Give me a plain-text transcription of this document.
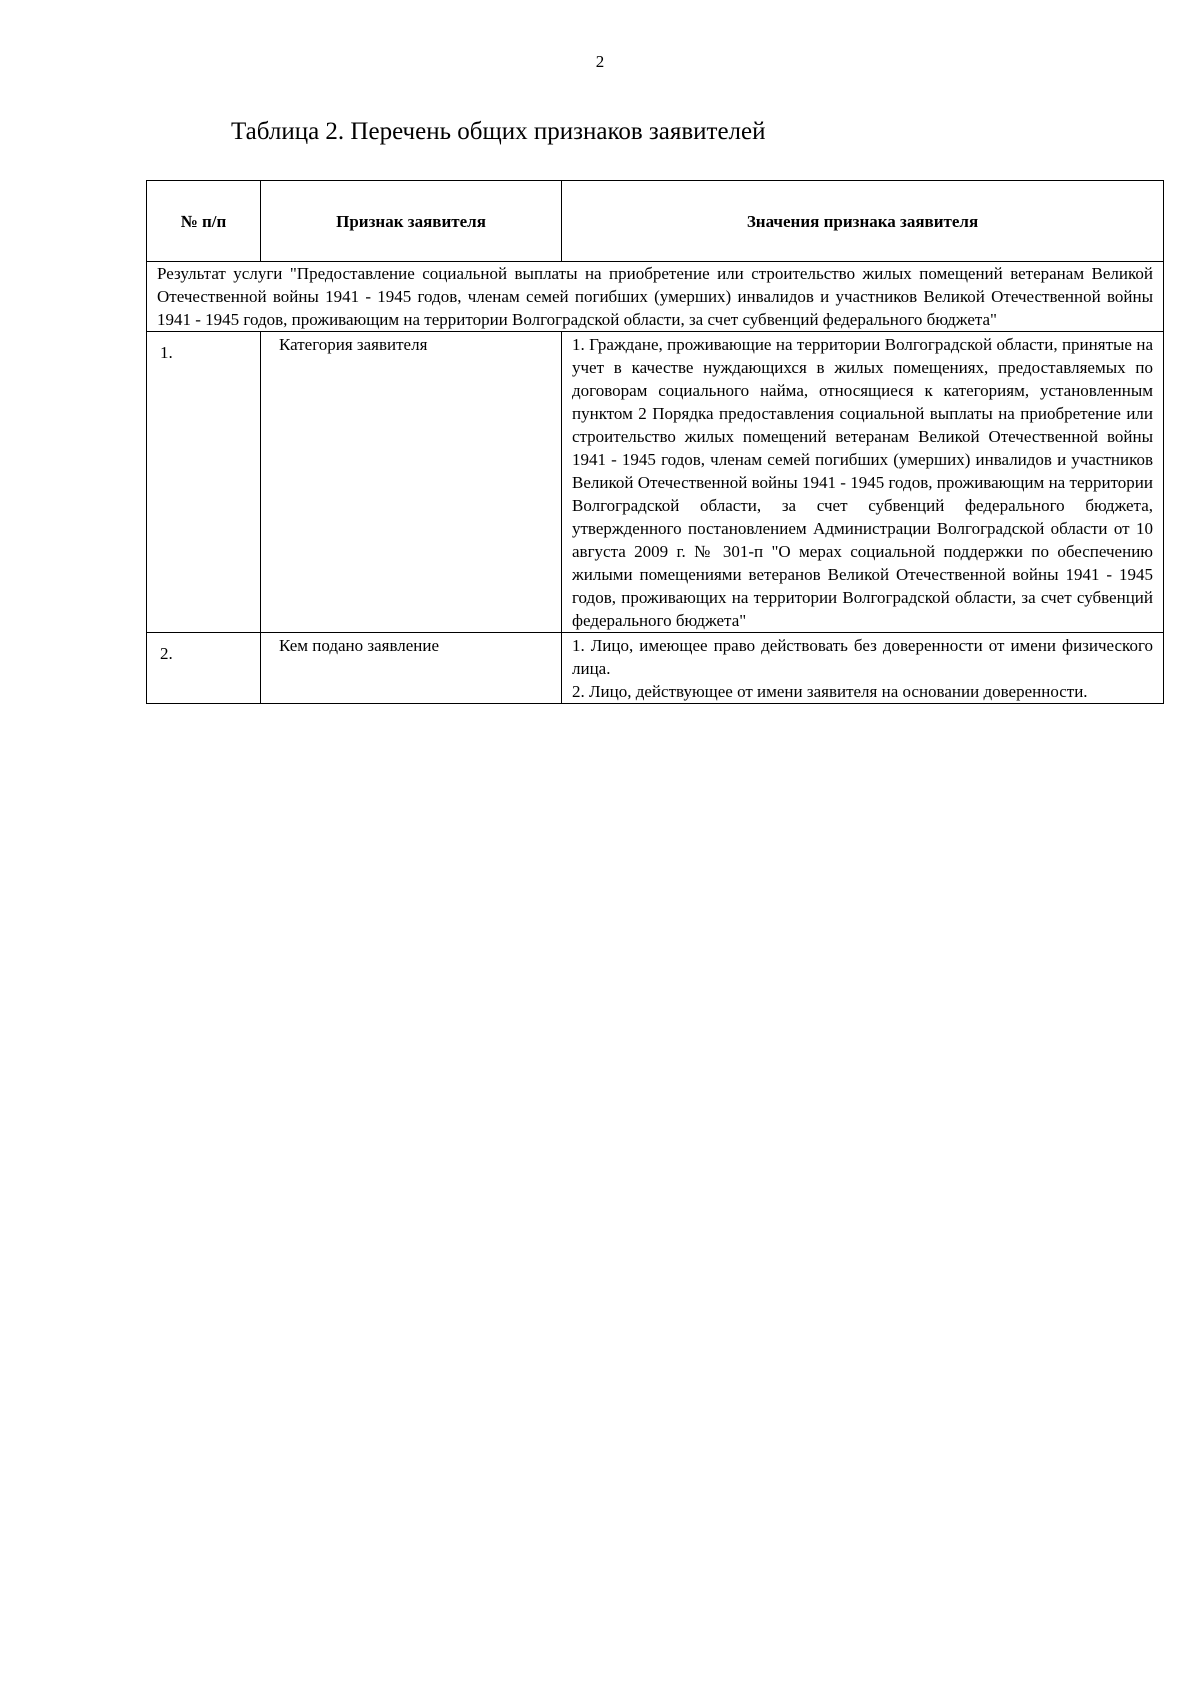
2
Таблица 2. Перечень общих признаков заявителей
№ п/п	Признак заявителя	Значения признака заявителя
Результат услуги "Предоставление социальной выплаты на приобретение или строительство жилых помещений ветеранам Великой Отечественной войны 1941 - 1945 годов, членам семей погибших (умерших) инвалидов и участников Великой Отечественной войны 1941 - 1945 годов, проживающим на территории Волгоградской области, за счет субвенций федерального бюджета"		
1.	Категория заявителя	1. Граждане, проживающие на территории Волгоградской области, принятые на учет в качестве нуждающихся в жилых помещениях, предоставляемых по договорам социального найма, относящиеся к категориям, установленным пунктом 2 Порядка предоставления социальной выплаты на приобретение или строительство жилых помещений ветеранам Великой Отечественной войны 1941 - 1945 годов, членам семей погибших (умерших) инвалидов и участников Великой Отечественной войны 1941 - 1945 годов, проживающим на территории Волгоградской области, за счет субвенций федерального бюджета, утвержденного постановлением Администрации Волгоградской области от 10 августа 2009 г. № 301-п "О мерах социальной поддержки по обеспечению жилыми помещениями ветеранов Великой Отечественной войны 1941 - 1945 годов, проживающих на территории Волгоградской области, за счет субвенций федерального бюджета"

2.	Кем подано заявление	1. Лицо, имеющее право действовать без доверенности от имени физического лица.
2. Лицо, действующее от имени заявителя на основании доверенности.
